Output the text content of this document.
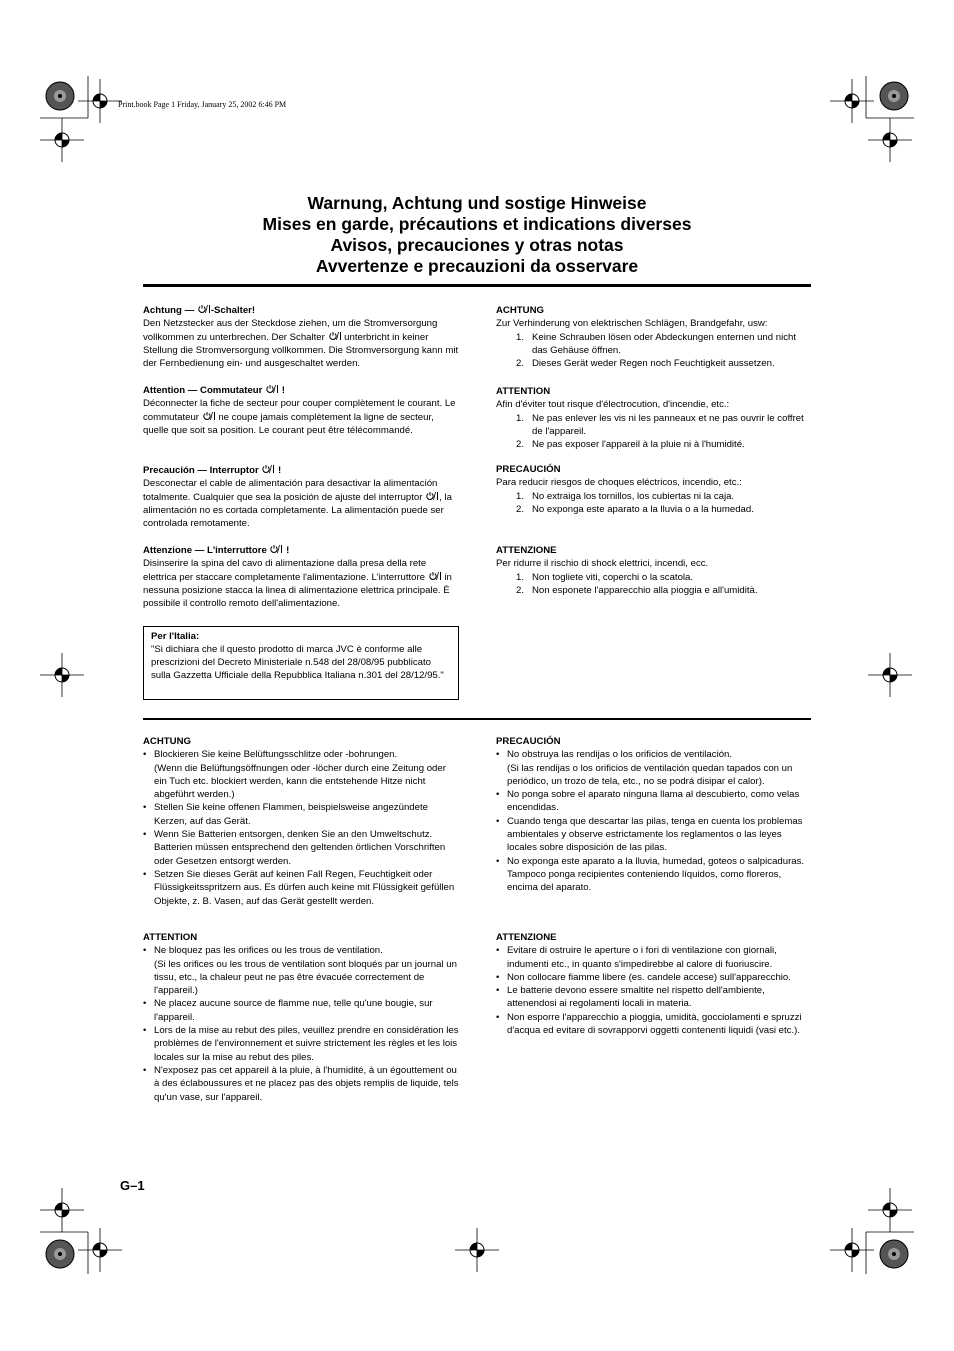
Print.book Page 1 Friday, January 25, 2002 6:46 PM
Warnung, Achtung und sostige Hinweise
Mises en garde, précautions et indications diverses
Avisos, precauciones y otras notas
Avvertenze e precauzioni da osservare

Achtung — -Schalter!

Den Netzstecker aus der Steckdose ziehen, um die Stromversorgung vollkommen zu unterbrechen. Der Schalter  unterbricht in keiner Stellung die Stromversorgung vollkommen. Die Stromversorgung kann mit der Fernbedienung ein- und ausgeschaltet werden.

Attention — Commutateur  !

Déconnecter la fiche de secteur pour couper complètement le courant. Le commutateur  ne coupe jamais complètement la ligne de secteur, quelle que soit sa position. Le courant peut être télécommandé.

Precaución — Interruptor  !

Desconectar el cable de alimentación para desactivar la alimentación totalmente. Cualquier que sea la posición de ajuste del interruptor , la alimentación no es cortada completamente. La alimentación puede ser controlada remotamente.

Attenzione — L'interruttore  !

Disinserire la spina del cavo di alimentazione dalla presa della rete elettrica per staccare completamente l'alimentazione. L'interruttore  in nessuna posizione stacca la linea di alimentazione elettrica principale. È possibile il controllo remoto dell'alimentazione.

Per l'Italia:

"Si dichiara che il questo prodotto di marca JVC è conforme alle prescrizioni del Decreto Ministeriale n.548 del 28/08/95 pubblicato sulla Gazzetta Ufficiale della Repubblica Italiana n.301 del 28/12/95."

ACHTUNG

Zur Verhinderung von elektrischen Schlägen, Brandgefahr, usw:

1. Keine Schrauben lösen oder Abdeckungen enternen und nicht das Gehäuse öffnen.
2. Dieses Gerät weder Regen noch Feuchtigkeit aussetzen.

ATTENTION

Afin d'éviter tout risque d'électrocution, d'incendie, etc.:

1. Ne pas enlever les vis ni les panneaux et ne pas ouvrir le coffret de l'appareil.
2. Ne pas exposer l'appareil à la pluie ni à l'humidité.

PRECAUCIÓN

Para reducir riesgos de choques eléctricos, incendio, etc.:

1. No extraiga los tornillos, los cubiertas ni la caja.
2. No exponga este aparato a la lluvia o a la humedad.

ATTENZIONE

Per ridurre il rischio di shock elettrici, incendi, ecc.

1. Non togliete viti, coperchi o la scatola.
2. Non esponete l'apparecchio alla pioggia e all'umidità.

ACHTUNG

• Blockieren Sie keine Belüftungsschlitze oder -bohrungen.
(Wenn die Belüftungsöffnungen oder -löcher durch eine Zeitung oder ein Tuch etc. blockiert werden, kann die entstehende Hitze nicht abgeführt werden.)
• Stellen Sie keine offenen Flammen, beispielsweise angezündete Kerzen, auf das Gerät.
• Wenn Sie Batterien entsorgen, denken Sie an den Umweltschutz. Batterien müssen entsprechend den geltenden örtlichen Vorschriften oder Gesetzen entsorgt werden.
• Setzen Sie dieses Gerät auf keinen Fall Regen, Feuchtigkeit oder Flüssigkeitsspritzern aus. Es dürfen auch keine mit Flüssigkeit gefüllen Objekte, z. B. Vasen, auf das Gerät gestellt werden.

ATTENTION

• Ne bloquez pas les orifices ou les trous de ventilation.
(Si les orifices ou les trous de ventilation sont bloqués par un journal un tissu, etc., la chaleur peut ne pas être évacuée correctement de l'appareil.)
• Ne placez aucune source de flamme nue, telle qu'une bougie, sur l'appareil.
• Lors de la mise au rebut des piles, veuillez prendre en considération les problèmes de l'environnement et suivre strictement les règles et les lois locales sur la mise au rebut des piles.
• N'exposez pas cet appareil à la pluie, à l'humidité, à un égouttement ou à des éclaboussures et ne placez pas des objets remplis de liquide, tels qu'un vase, sur l'appareil.

PRECAUCIÓN

• No obstruya las rendijas o los orificios de ventilación.
(Si las rendijas o los orificios de ventilación quedan tapados con un periódico, un trozo de tela, etc., no se podrá disipar el calor).
• No ponga sobre el aparato ninguna llama al descubierto, como velas encendidas.
• Cuando tenga que descartar las pilas, tenga en cuenta los problemas ambientales y observe estrictamente los reglamentos o las leyes locales sobre disposición de las pilas.
• No exponga este aparato a la lluvia, humedad, goteos o salpicaduras. Tampoco ponga recipientes conteniendo líquidos, como floreros, encima del aparato.

ATTENZIONE

• Evitare di ostruire le aperture o i fori di ventilazione con giornali, indumenti etc., in quanto s'impedirebbe al calore di fuoriuscire.
• Non collocare fiamme libere (es. candele accese) sull'apparecchio.
• Le batterie devono essere smaltite nel rispetto dell'ambiente, attenendosi ai regolamenti locali in materia.
• Non esporre l'apparecchio a pioggia, umidità, gocciolamenti e spruzzi d'acqua ed evitare di sovrapporvi oggetti contenenti liquidi (vasi etc.).
G–1
